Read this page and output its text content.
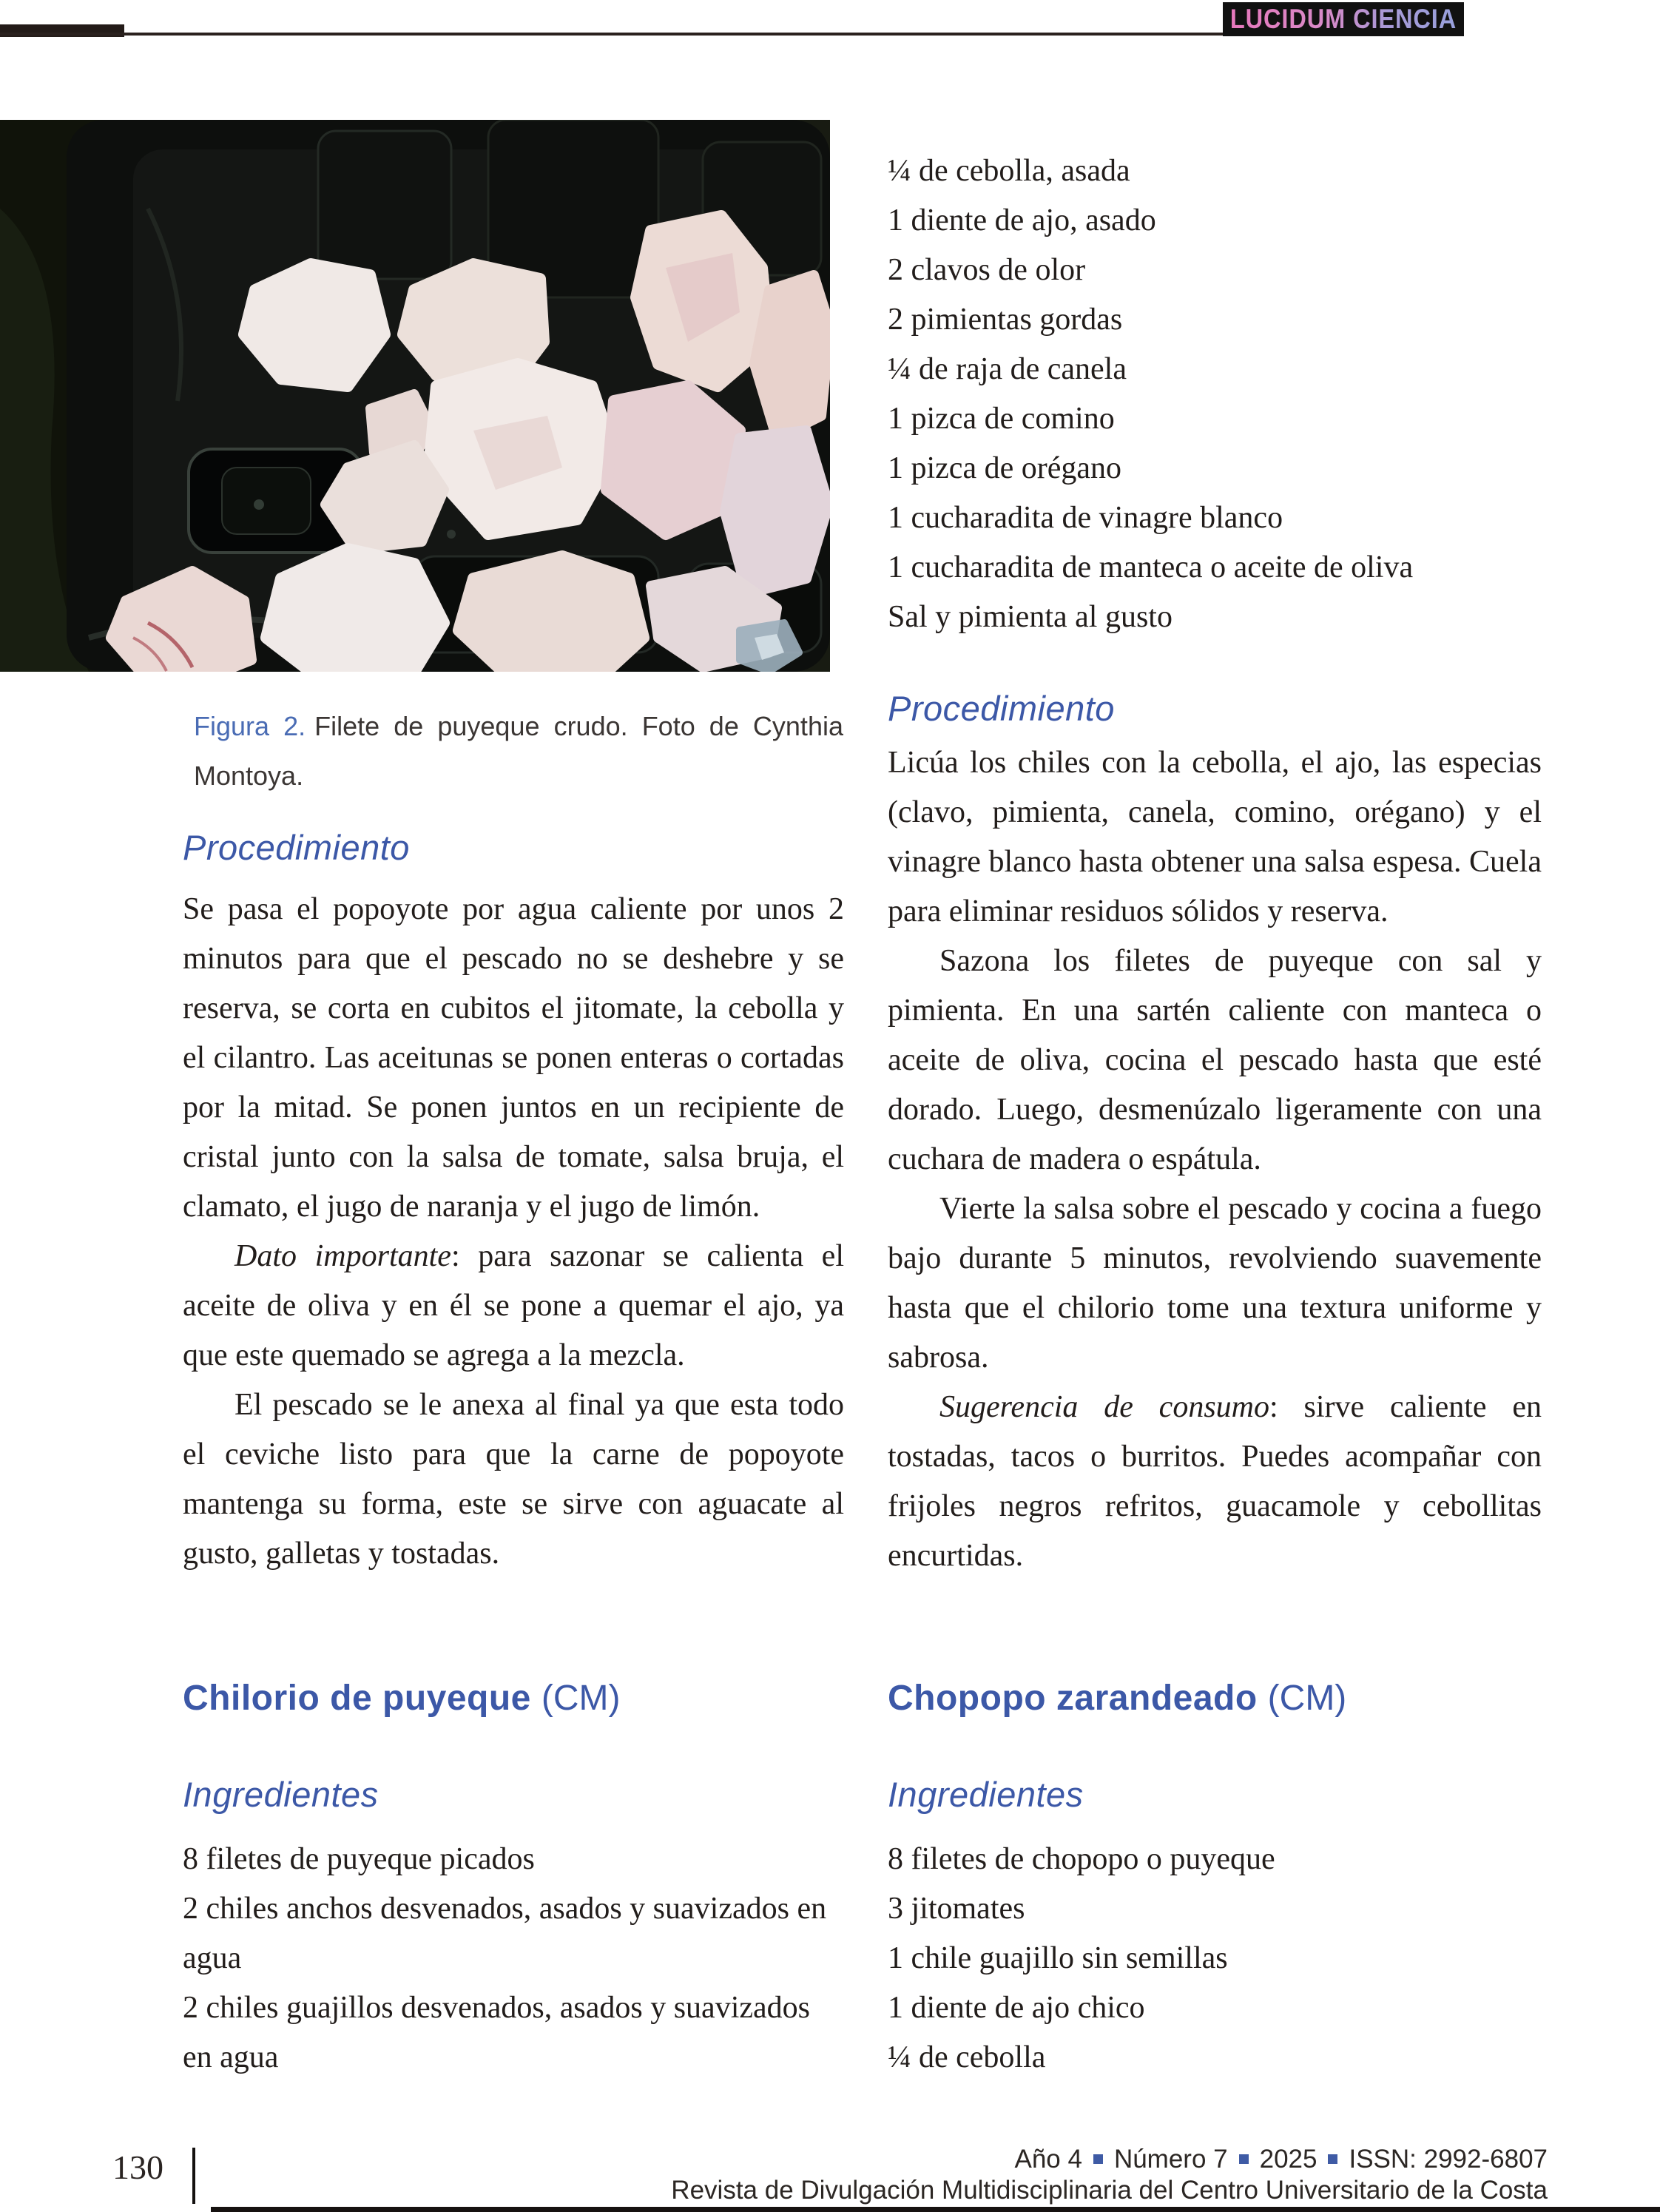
LUCIDUM CIENCIA
Figura 2. Filete de puyeque crudo. Foto de Cynthia Montoya.
Procedimiento

Se pasa el popoyote por agua caliente por unos 2 minutos para que el pescado no se deshebre y se reserva, se corta en cubitos el jitomate, la cebolla y el cilantro. Las aceitunas se ponen enteras o cortadas por la mitad. Se ponen juntos en un recipiente de cristal junto con la salsa de tomate, salsa bruja, el clamato, el jugo de naranja y el jugo de limón.

Dato importante: para sazonar se calienta el aceite de oliva y en él se pone a quemar el ajo, ya que este quemado se agrega a la mezcla.

El pescado se le anexa al final ya que esta todo el ceviche listo para que la carne de popoyote mantenga su forma, este se sirve con aguacate al gusto, galletas y tostadas.

Chilorio de puyeque (CM)
Ingredientes
8 filetes de puyeque picados
2 chiles anchos desvenados, asados y suavizados en agua
2 chiles guajillos desvenados, asados y suavizados en agua
¼ de cebolla, asada
1 diente de ajo, asado
2 clavos de olor
2 pimientas gordas
¼ de raja de canela
1 pizca de comino
1 pizca de orégano
1 cucharadita de vinagre blanco
1 cucharadita de manteca o aceite de oliva
Sal y pimienta al gusto
Procedimiento

Licúa los chiles con la cebolla, el ajo, las especias (clavo, pimienta, canela, comino, orégano) y el vinagre blanco hasta obtener una salsa espesa. Cuela para eliminar residuos sólidos y reserva.

Sazona los filetes de puyeque con sal y pimienta. En una sartén caliente con manteca o aceite de oliva, cocina el pescado hasta que esté dorado. Luego, desmenúzalo ligeramente con una cuchara de madera o espátula.

Vierte la salsa sobre el pescado y cocina a fuego bajo durante 5 minutos, revolviendo suavemente hasta que el chilorio tome una textura uniforme y sabrosa.

Sugerencia de consumo: sirve caliente en tostadas, tacos o burritos. Puedes acompañar con frijoles negros refritos, guacamole y cebollitas encurtidas.

Chopopo zarandeado (CM)
Ingredientes
8 filetes de chopopo o puyeque
3 jitomates
1 chile guajillo sin semillas
1 diente de ajo chico
¼ de cebolla
130	Año 4 Número 7 2025 ISSN: 2992-6807
Revista de Divulgación Multidisciplinaria del Centro Universitario de la Costa
